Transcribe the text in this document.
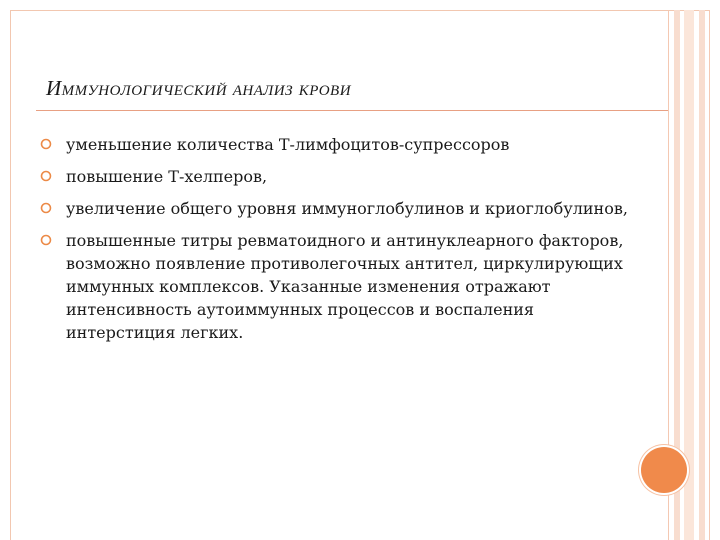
Иммунологический анализ крови
уменьшение количества Т-лимфоцитов-супрессоров
повышение Т-хелперов,
увеличение общего уровня иммуноглобулинов и криоглобулинов,
повышенные титры ревматоидного и антинуклеарного факторов, возможно появление противолегочных антител, циркулирующих иммунных комплексов. Указанные изменения отражают интенсивность аутоиммунных процессов и воспаления интерстиция легких.
